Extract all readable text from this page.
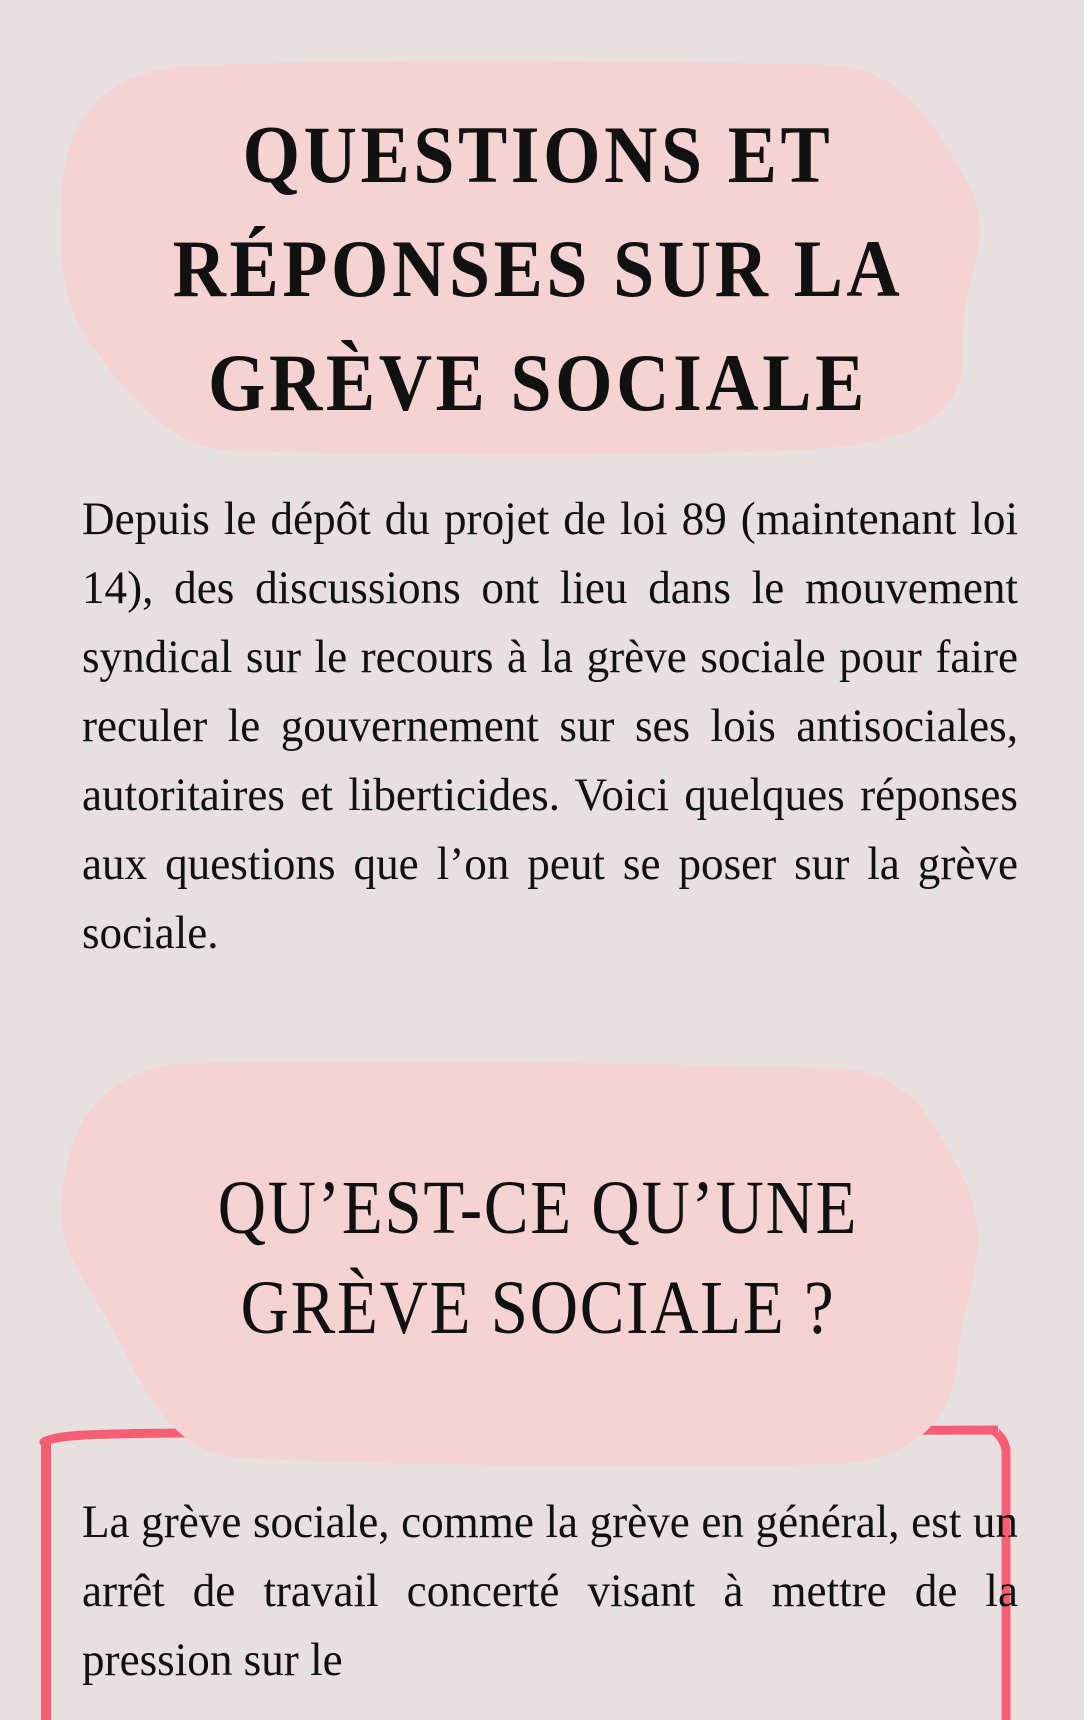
QUESTIONS ET RÉPONSES SUR LA GRÈVE SOCIALE

Depuis le dépôt du projet de loi 89 (maintenant loi 14), des discussions ont lieu dans le mouvement syndical sur le recours à la grève sociale pour faire reculer le gouvernement sur ses lois antisociales, autoritaires et liberticides. Voici quelques réponses aux questions que l’on peut se poser sur la grève sociale.

QU’EST-CE QU’UNE GRÈVE SOCIALE ?

La grève sociale, comme la grève en général, est un arrêt de travail concerté visant à mettre de la pression sur le
